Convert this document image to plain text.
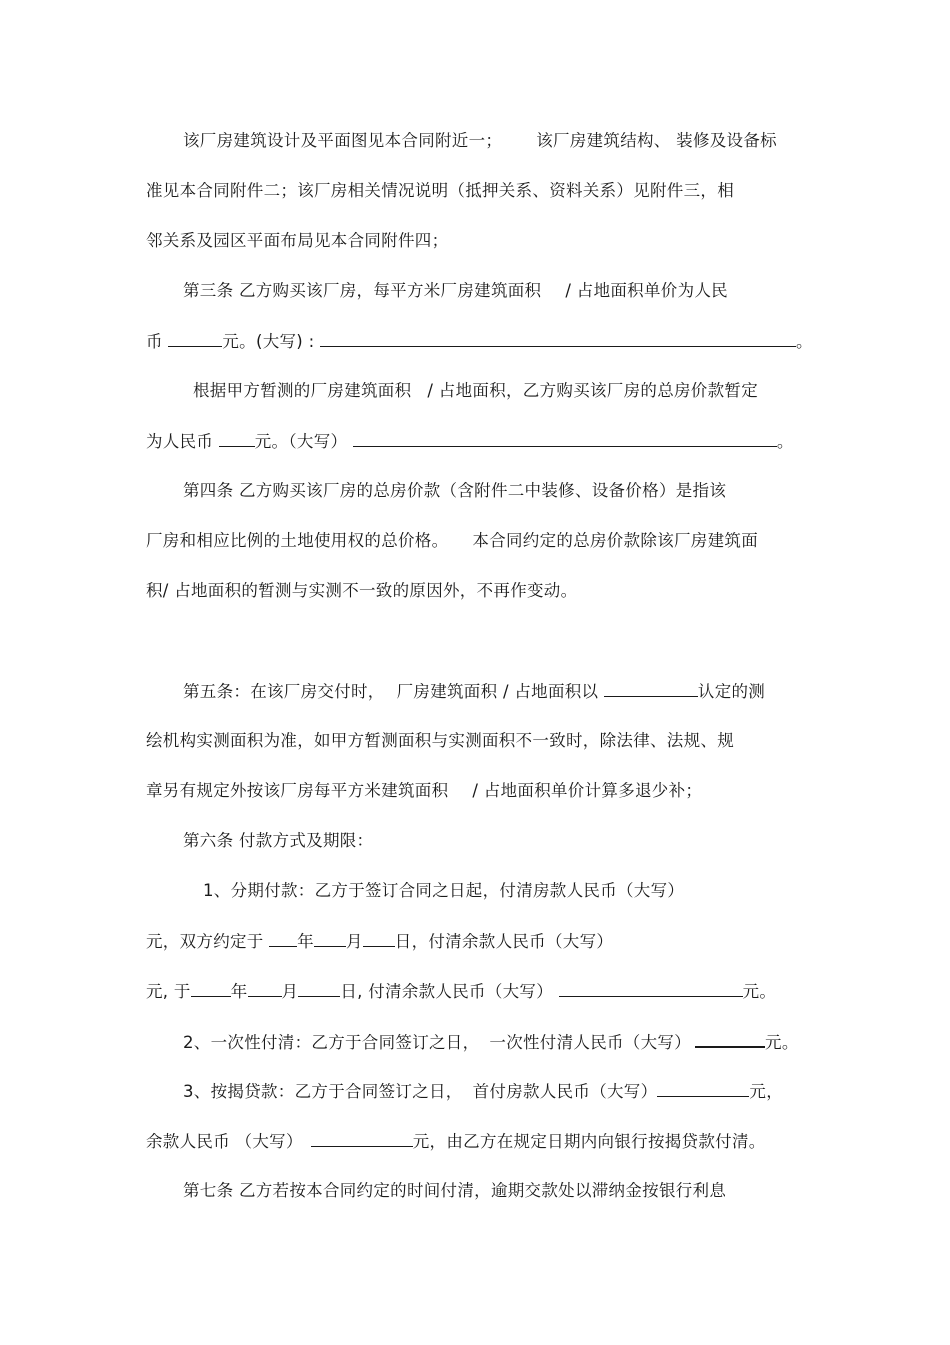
该厂房建筑设计及平面图见本合同附近一； 该厂房建筑结构、 装修及设备标
准见本合同附件二；该厂房相关情况说明（抵押关系、资料关系）见附件三，相
邻关系及园区平面布局见本合同附件四；
第三条 乙方购买该厂房，每平方米厂房建筑面积 / 占地面积单价为人民
币	元。(大写) :	。
根据甲方暂测的厂房建筑面积 / 占地面积，乙方购买该厂房的总房价款暂定
为人民币	元。（大写）	。
第四条 乙方购买该厂房的总房价款（含附件二中装修、设备价格）是指该
厂房和相应比例的土地使用权的总价格。 本合同约定的总房价款除该厂房建筑面
积/ 占地面积的暂测与实测不一致的原因外，不再作变动。
第五条：在该厂房交付时， 厂房建筑面积 / 占地面积以	认定的测
绘机构实测面积为准，如甲方暂测面积与实测面积不一致时，除法律、法规、规
章另有规定外按该厂房每平方米建筑面积 / 占地面积单价计算多退少补；
第六条 付款方式及期限：
1、分期付款：乙方于签订合同之日起，付清房款人民币（大写）
元，双方约定于 年 月 日，付清余款人民币（大写）
元, 于 年 月	日, 付清余款人民币（大写）	元。
2、一次性付清：乙方于合同签订之日， 一次性付清人民币（大写）	元。
3、按揭贷款：乙方于合同签订之日， 首付房款人民币（大写）	元，
余款人民币 （大写）	元，由乙方在规定日期内向银行按揭贷款付清。
第七条 乙方若按本合同约定的时间付清，逾期交款处以滞纳金按银行利息
